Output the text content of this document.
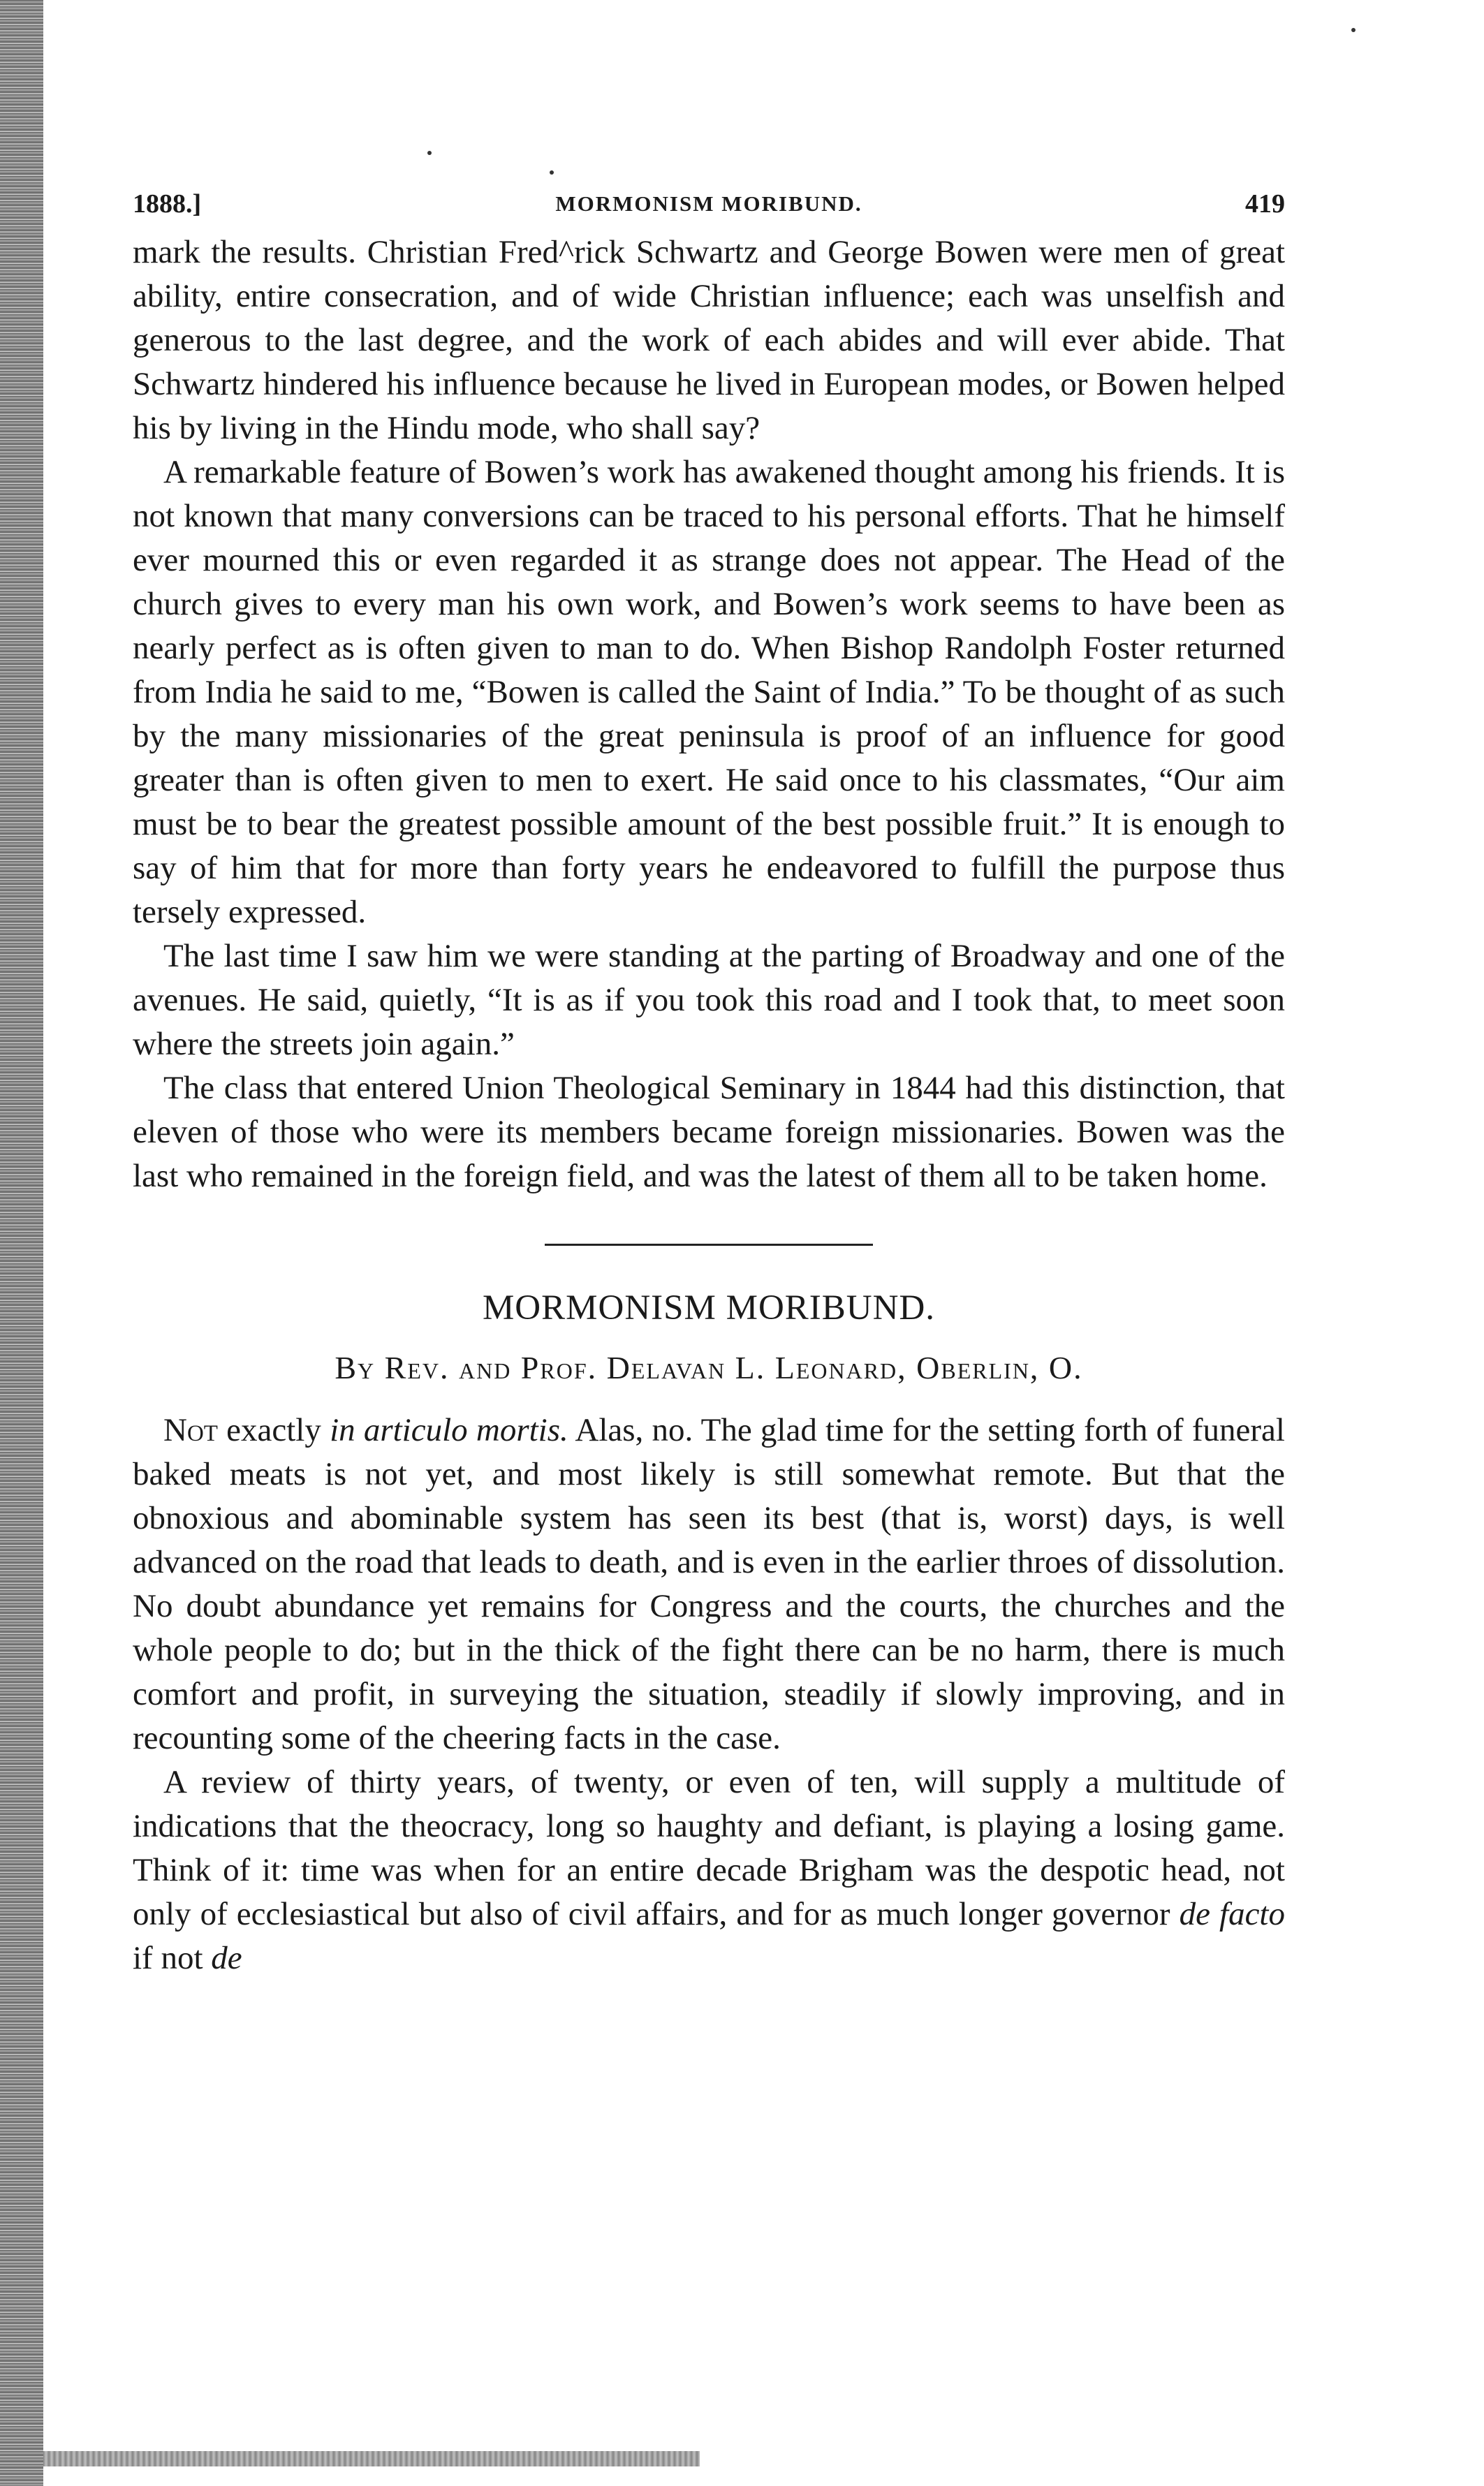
1888.]	MORMONISM MORIBUND.	419

mark the results. Christian Fred^rick Schwartz and George Bowen were men of great ability, entire consecration, and of wide Christian influence; each was unselfish and generous to the last degree, and the work of each abides and will ever abide. That Schwartz hindered his influence because he lived in European modes, or Bowen helped his by living in the Hindu mode, who shall say?

A remarkable feature of Bowen’s work has awakened thought among his friends. It is not known that many conversions can be traced to his personal efforts. That he himself ever mourned this or even regarded it as strange does not appear. The Head of the church gives to every man his own work, and Bowen’s work seems to have been as nearly perfect as is often given to man to do. When Bishop Randolph Foster returned from India he said to me, “Bowen is called the Saint of India.” To be thought of as such by the many missionaries of the great peninsula is proof of an influence for good greater than is often given to men to exert. He said once to his classmates, “Our aim must be to bear the greatest possible amount of the best possible fruit.” It is enough to say of him that for more than forty years he endeavored to fulfill the purpose thus tersely expressed.

The last time I saw him we were standing at the parting of Broadway and one of the avenues. He said, quietly, “It is as if you took this road and I took that, to meet soon where the streets join again.”

The class that entered Union Theological Seminary in 1844 had this distinction, that eleven of those who were its members became foreign missionaries. Bowen was the last who remained in the foreign field, and was the latest of them all to be taken home.

MORMONISM MORIBUND.
By Rev. and Prof. Delavan L. Leonard, Oberlin, O.

Not exactly in articulo mortis. Alas, no. The glad time for the setting forth of funeral baked meats is not yet, and most likely is still somewhat remote. But that the obnoxious and abominable system has seen its best (that is, worst) days, is well advanced on the road that leads to death, and is even in the earlier throes of dissolution. No doubt abundance yet remains for Congress and the courts, the churches and the whole people to do; but in the thick of the fight there can be no harm, there is much comfort and profit, in surveying the situation, steadily if slowly improving, and in recounting some of the cheering facts in the case.

A review of thirty years, of twenty, or even of ten, will supply a multitude of indications that the theocracy, long so haughty and defiant, is playing a losing game. Think of it: time was when for an entire decade Brigham was the despotic head, not only of ecclesiastical but also of civil affairs, and for as much longer governor de facto if not de
